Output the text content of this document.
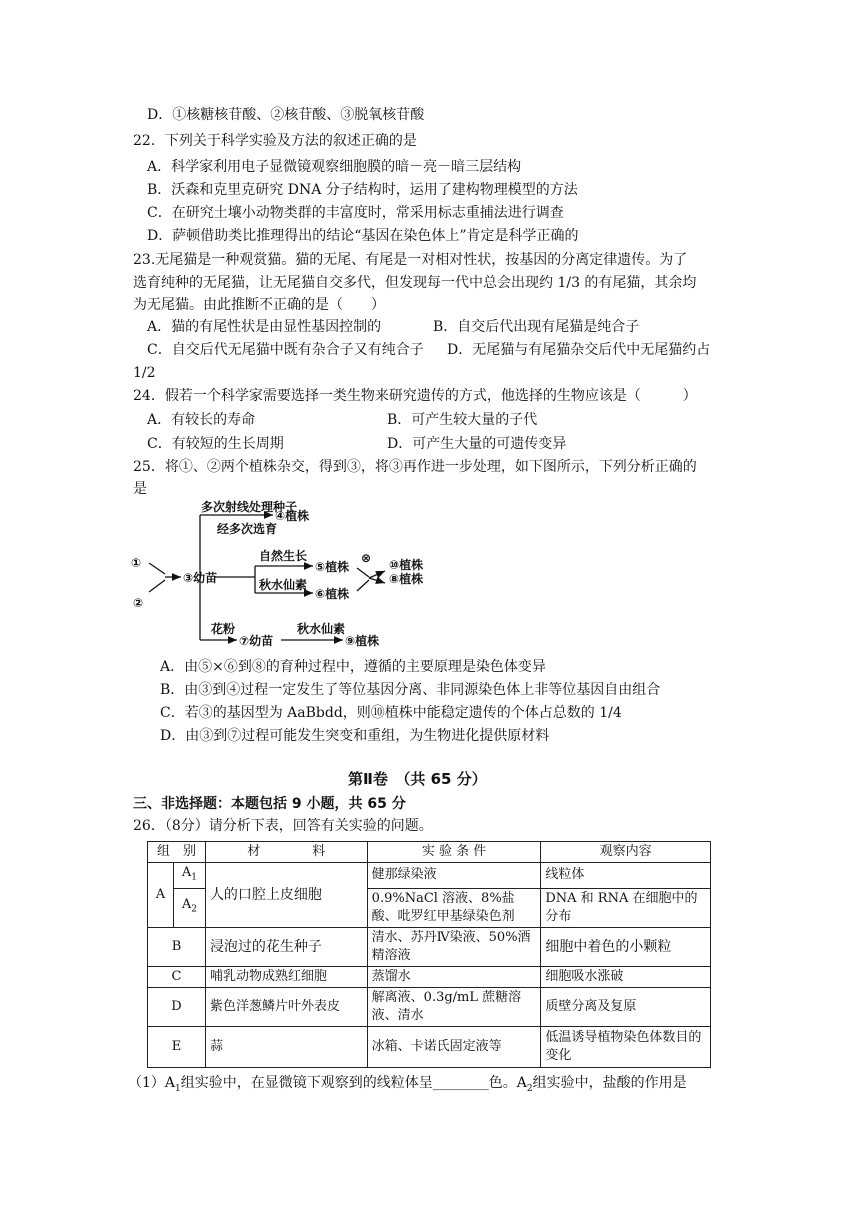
D．①核糖核苷酸、②核苷酸、③脱氧核苷酸
22．下列关于科学实验及方法的叙述正确的是
A．科学家利用电子显微镜观察细胞膜的暗－亮－暗三层结构
B．沃森和克里克研究 DNA 分子结构时，运用了建构物理模型的方法
C．在研究土壤小动物类群的丰富度时，常采用标志重捕法进行调查
D．萨顿借助类比推理得出的结论“基因在染色体上”肯定是科学正确的
23.无尾猫是一种观赏猫。猫的无尾、有尾是一对相对性状，按基因的分离定律遗传。为了
选育纯种的无尾猫，让无尾猫自交多代，但发现每一代中总会出现约 1/3 的有尾猫，其余均
为无尾猫。由此推断不正确的是（　　）
A．猫的有尾性状是由显性基因控制的	B．自交后代出现有尾猫是纯合子
C．自交后代无尾猫中既有杂合子又有纯合子 D．无尾猫与有尾猫杂交后代中无尾猫约占
1/2
24．假若一个科学家需要选择一类生物来研究遗传的方式，他选择的生物应该是（　　　）
A．有较长的寿命	B．可产生较大量的子代
C．有较短的生长周期	D．可产生大量的可遗传变异
25．将①、②两个植株杂交，得到③，将③再作进一步处理，如下图所示，下列分析正确的
是
①
②
③幼苗
多次射线处理种子
经多次选育
④植株
自然生长
⑤植株
秋水仙素
⑥植株
⊗ ⑩植株
⑧植株
花粉
⑦幼苗
秋水仙素
⑨植株
A．由⑤×⑥到⑧的育种过程中，遵循的主要原理是染色体变异
B．由③到④过程一定发生了等位基因分离、非同源染色体上非等位基因自由组合
C．若③的基因型为 AaBbdd，则⑩植株中能稳定遗传的个体占总数的 1/4
D．由③到⑦过程可能发生突变和重组，为生物进化提供原材料
第Ⅱ卷　（共 65 分）
三、非选择题：本题包括 9 小题，共 65 分
26．（8分）请分析下表，回答有关实验的问题。
组　别		材　　　　料	实 验 条 件	观察内容
A	$A_1$	人的口腔上皮细胞	健那绿染液	线粒体
	$A_2$		0.9%NaCl 溶液、8%盐酸、吡罗红甲基绿染色剂	DNA 和 RNA 在细胞中的分布
B		浸泡过的花生种子	清水、苏丹Ⅳ染液、50%酒精溶液	细胞中着色的小颗粒
C		哺乳动物成熟红细胞	蒸馏水	细胞吸水涨破
D		紫色洋葱鳞片叶外表皮	解离液、0.3g/mL 蔗糖溶液、清水	质壁分离及复原
E		蒜	冰箱、卡诺氏固定液等	低温诱导植物染色体数目的变化
$(1)A_1$组实验中，在显微镜下观察到的线粒体呈________色。$A_2$组实验中，盐酸的作用是
